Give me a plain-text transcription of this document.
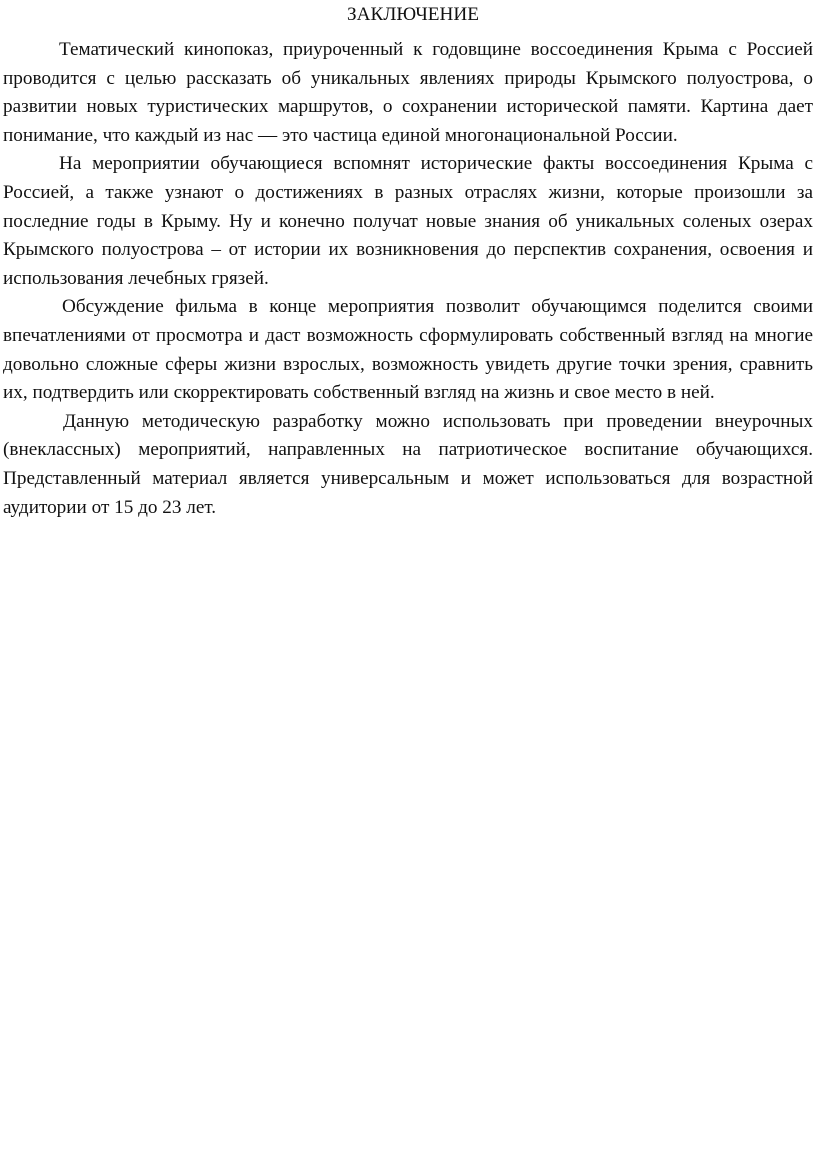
ЗАКЛЮЧЕНИЕ

Тематический кинопоказ, приуроченный к годовщине воссоединения Крыма с Россией проводится с целью рассказать об уникальных явлениях природы Крымского полуострова, о развитии новых туристических маршрутов, о сохранении исторической памяти. Картина дает понимание, что каждый из нас — это частица единой многонациональной России.

На мероприятии обучающиеся вспомнят исторические факты воссоединения Крыма с Россией, а также узнают о достижениях в разных отраслях жизни, которые произошли за последние годы в Крыму. Ну и конечно получат новые знания об уникальных соленых озерах Крымского полуострова – от истории их возникновения до перспектив сохранения, освоения и использования лечебных грязей.

Обсуждение фильма в конце мероприятия позволит обучающимся поделится своими впечатлениями от просмотра и даст возможность сформулировать собственный взгляд на многие довольно сложные сферы жизни взрослых, возможность увидеть другие точки зрения, сравнить их, подтвердить или скорректировать собственный взгляд на жизнь и свое место в ней.

Данную методическую разработку можно использовать при проведении внеурочных (внеклассных) мероприятий, направленных на патриотическое воспитание обучающихся. Представленный материал является универсальным и может использоваться для возрастной аудитории от 15 до 23 лет.
